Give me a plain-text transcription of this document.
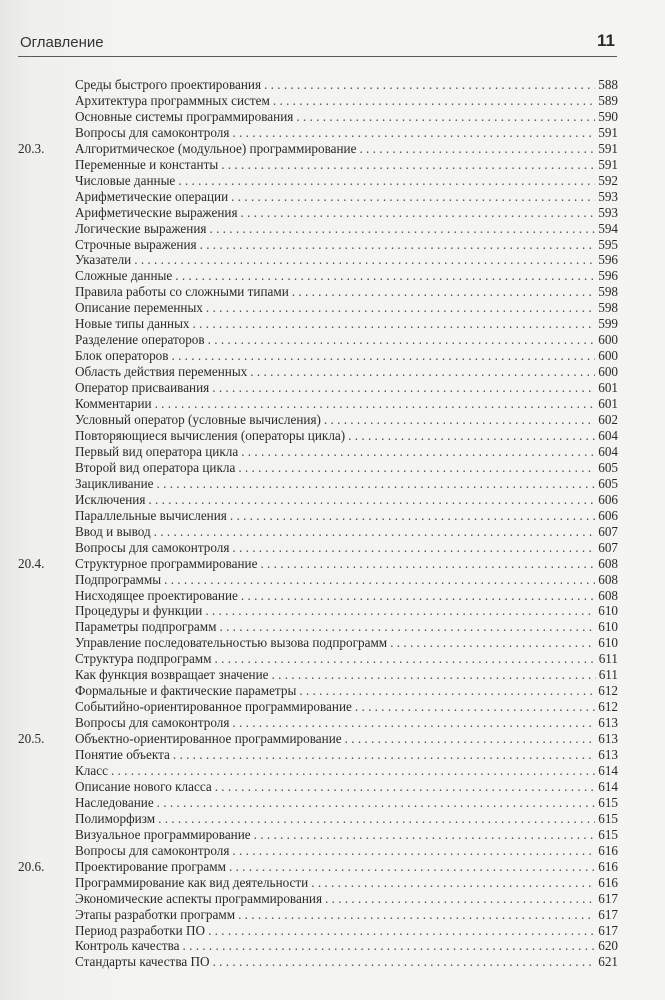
Оглавление	11
Среды быстрого проектирования . . .	588
Архитектура программных систем . . .	589
Основные системы программирования . . .	590
Вопросы для самоконтроля . . .	591
20.3.	Алгоритмическое (модульное) программирование . . .	591
Переменные и константы . . .	591
Числовые данные . . .	592
Арифметические операции . . .	593
Арифметические выражения . . .	593
Логические выражения . . .	594
Строчные выражения . . .	595
Указатели . . .	596
Сложные данные . . .	596
Правила работы со сложными типами . . .	598
Описание переменных . . .	598
Новые типы данных . . .	599
Разделение операторов . . .	600
Блок операторов . . .	600
Область действия переменных . . .	600
Оператор присваивания . . .	601
Комментарии . . .	601
Условный оператор (условные вычисления) . . .	602
Повторяющиеся вычисления (операторы цикла) . . .	604
Первый вид оператора цикла . . .	604
Второй вид оператора цикла . . .	605
Зацикливание . . .	605
Исключения . . .	606
Параллельные вычисления . . .	606
Ввод и вывод . . .	607
Вопросы для самоконтроля . . .	607
20.4.	Структурное программирование . . .	608
Подпрограммы . . .	608
Нисходящее проектирование . . .	608
Процедуры и функции . . .	610
Параметры подпрограмм . . .	610
Управление последовательностью вызова подпрограмм . . .	610
Структура подпрограмм . . .	611
Как функция возвращает значение . . .	611
Формальные и фактические параметры . . .	612
Событийно-ориентированное программирование . . .	612
Вопросы для самоконтроля . . .	613
20.5.	Объектно-ориентированное программирование . . .	613
Понятие объекта . . .	613
Класс . . .	614
Описание нового класса . . .	614
Наследование . . .	615
Полиморфизм . . .	615
Визуальное программирование . . .	615
Вопросы для самоконтроля . . .	616
20.6.	Проектирование программ . . .	616
Программирование как вид деятельности . . .	616
Экономические аспекты программирования . . .	617
Этапы разработки программ . . .	617
Период разработки ПО . . .	617
Контроль качества . . .	620
Стандарты качества ПО . . .	621
